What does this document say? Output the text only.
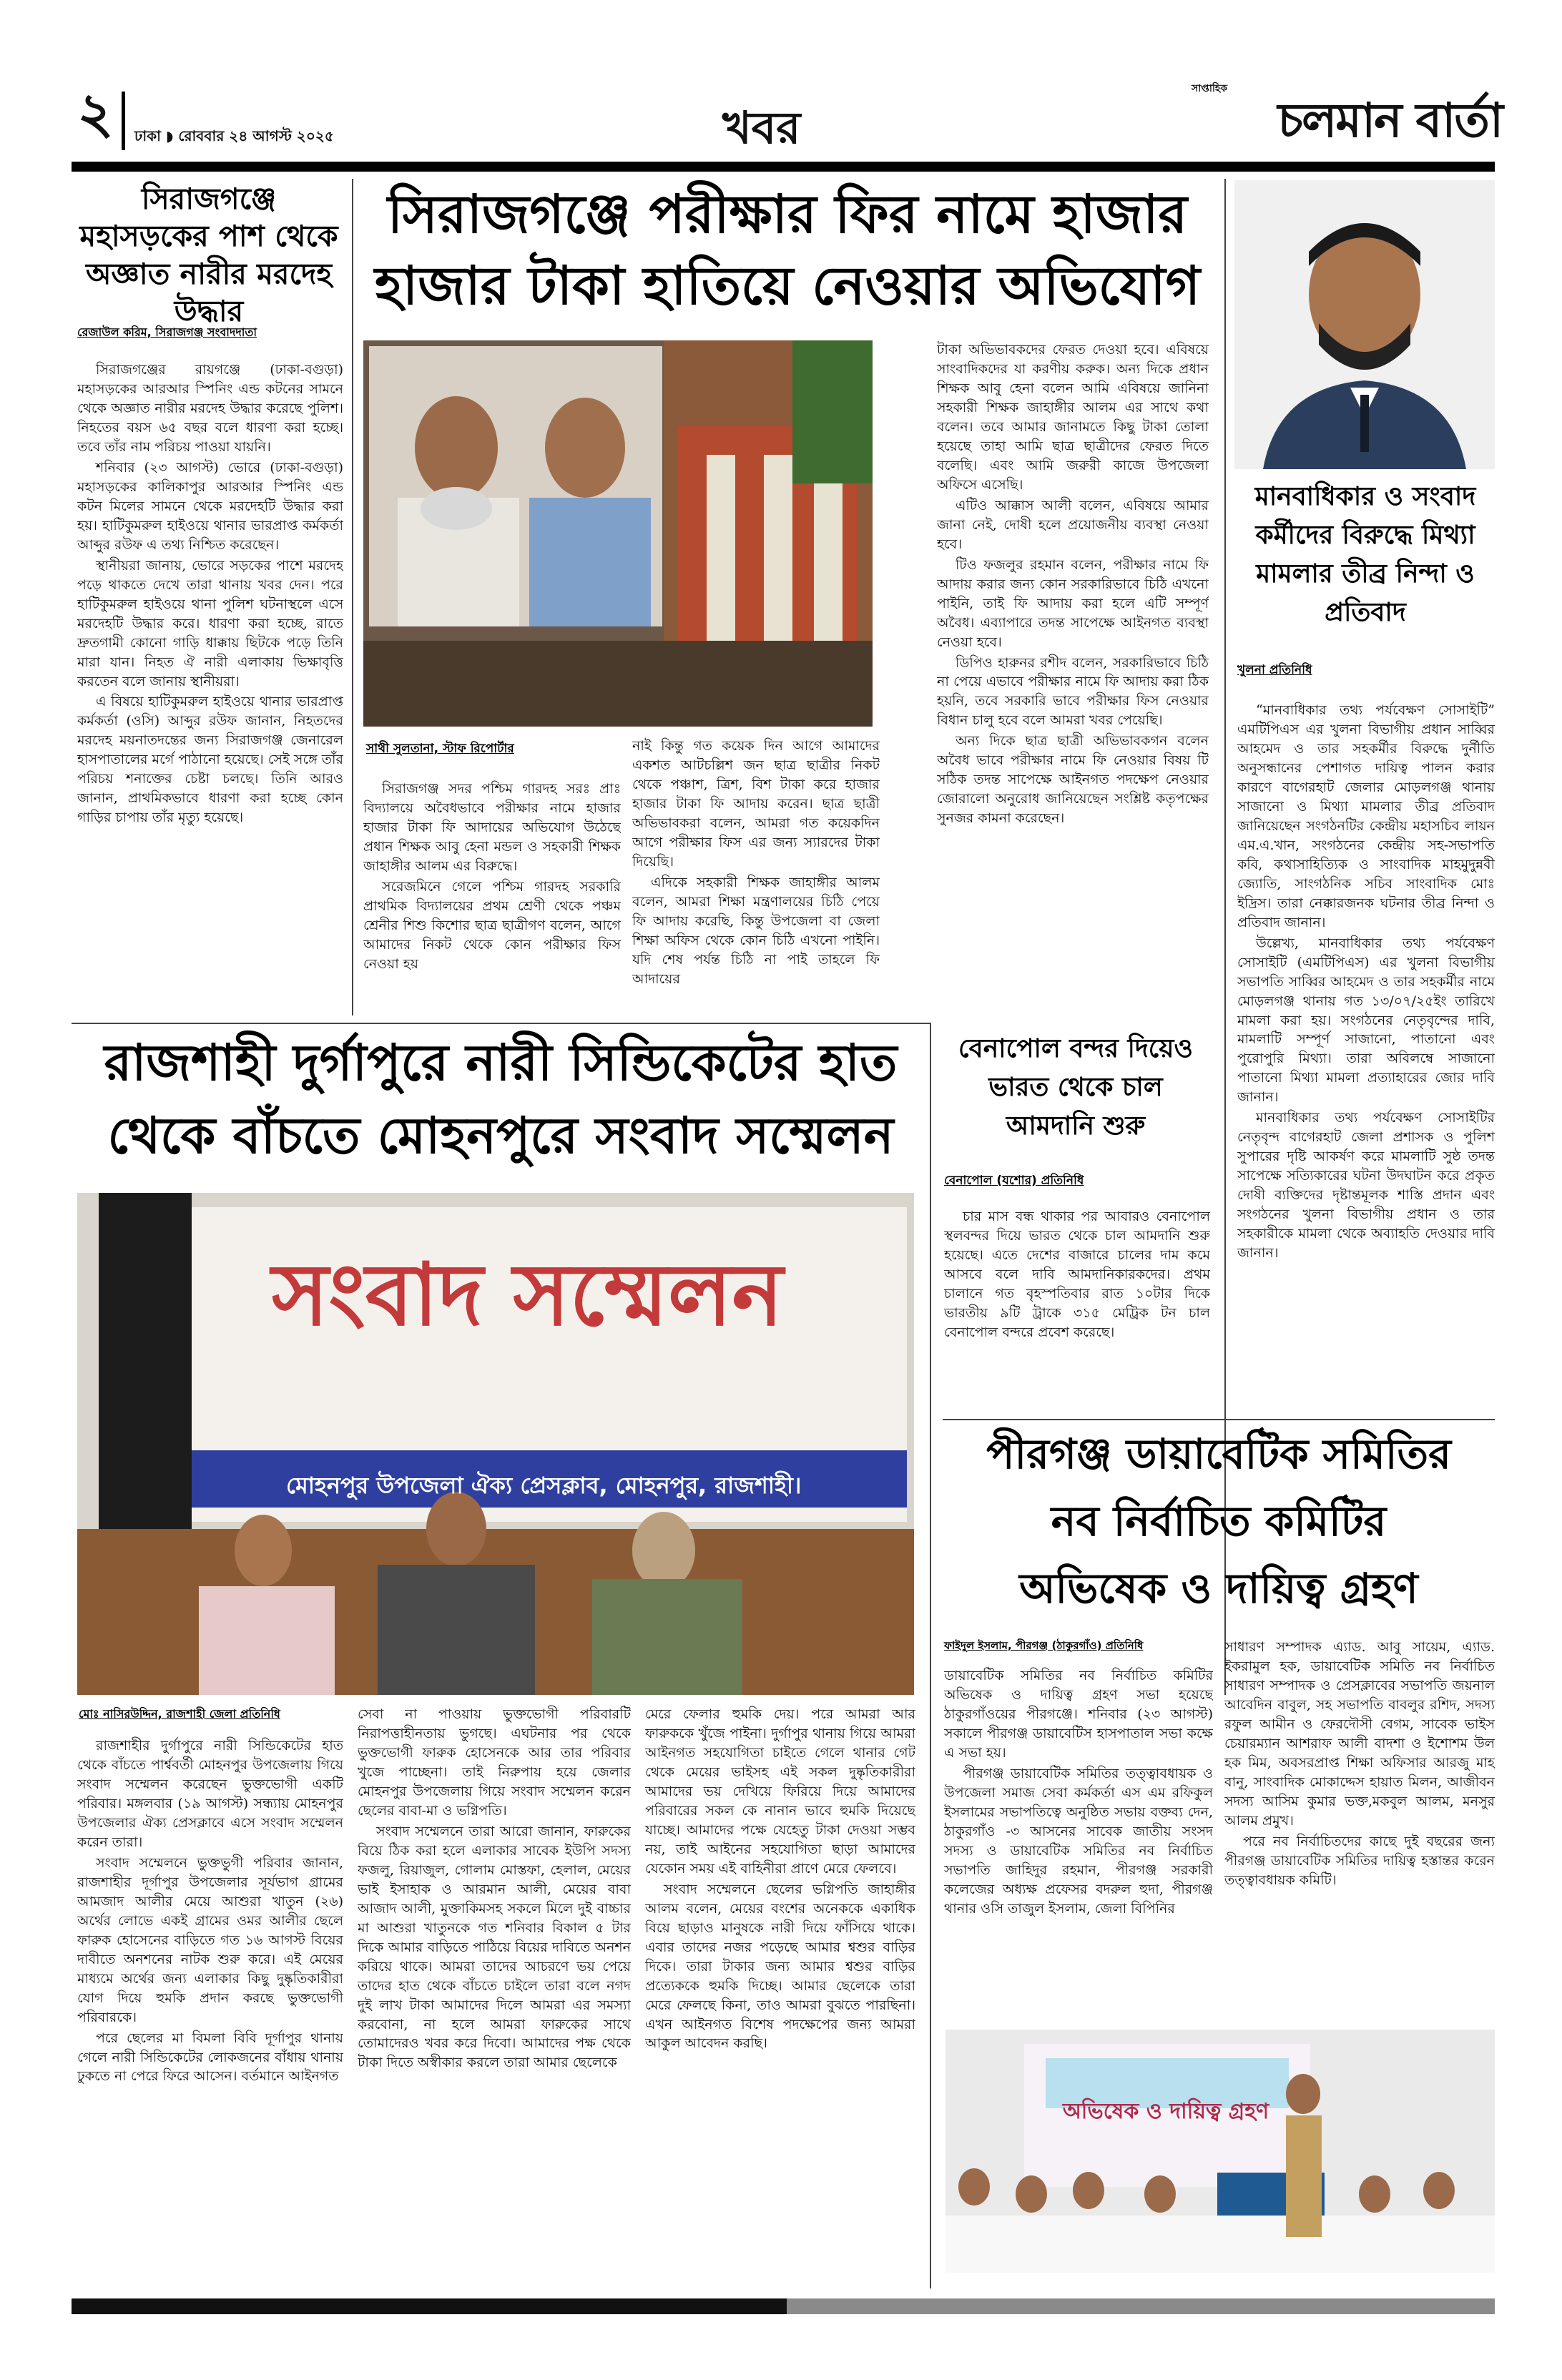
২ ঢাকা ◗ রোববার ২৪ আগস্ট ২০২৫	খবর
সাপ্তাহিক
চলমান বার্তা
সিরাজগঞ্জে মহাসড়কের পাশ থেকে অজ্ঞাত নারীর মরদেহ উদ্ধার
রেজাউল করিম, সিরাজগঞ্জ সংবাদদাতা

সিরাজগঞ্জের রায়গঞ্জে (ঢাকা-বগুড়া) মহাসড়কের আরআর স্পিনিং এন্ড কটনের সামনে থেকে অজ্ঞাত নারীর মরদেহ উদ্ধার করেছে পুলিশ। নিহতের বয়স ৬৫ বছর বলে ধারণা করা হচ্ছে। তবে তাঁর নাম পরিচয় পাওয়া যায়নি।

শনিবার (২৩ আগস্ট) ভোরে (ঢাকা-বগুড়া) মহাসড়কের কালিকাপুর আরআর স্পিনিং এন্ড কটন মিলের সামনে থেকে মরদেহটি উদ্ধার করা হয়। হাটিকুমরুল হাইওয়ে থানার ভারপ্রাপ্ত কর্মকর্তা আব্দুর রউফ এ তথ্য নিশ্চিত করেছেন।

স্থানীয়রা জানায়, ভোরে সড়কের পাশে মরদেহ পড়ে থাকতে দেখে তারা থানায় খবর দেন। পরে হাটিকুমরুল হাইওয়ে থানা পুলিশ ঘটনাস্থলে এসে মরদেহটি উদ্ধার করে। ধারণা করা হচ্ছে, রাতে দ্রুতগামী কোনো গাড়ি ধাক্কায় ছিটকে পড়ে তিনি মারা যান। নিহত ঐ নারী এলাকায় ভিক্ষাবৃত্তি করতেন বলে জানায় স্থানীয়রা।

এ বিষয়ে হাটিকুমরুল হাইওয়ে থানার ভারপ্রাপ্ত কর্মকর্তা (ওসি) আব্দুর রউফ জানান, নিহতদের মরদেহ ময়নাতদন্তের জন্য সিরাজগঞ্জ জেনারেল হাসপাতালের মর্গে পাঠানো হয়েছে। সেই সঙ্গে তাঁর পরিচয় শনাক্তের চেষ্টা চলছে। তিনি আরও জানান, প্রাথমিকভাবে ধারণা করা হচ্ছে কোন গাড়ির চাপায় তাঁর মৃত্যু হয়েছে।

সিরাজগঞ্জে পরীক্ষার ফির নামে হাজার
হাজার টাকা হাতিয়ে নেওয়ার অভিযোগ
সাথী সুলতানা, স্টাফ রিপোর্টার

সিরাজগঞ্জ সদর পশ্চিম গারদহ সরঃ প্রাঃ বিদ্যালয়ে অবৈধভাবে পরীক্ষার নামে হাজার হাজার টাকা ফি আদায়ের অভিযোগ উঠেছে প্রধান শিক্ষক আবু হেনা মন্ডল ও সহকারী শিক্ষক জাহাঙ্গীর আলম এর বিরুদ্ধে।

সরেজমিনে গেলে পশ্চিম গারদহ সরকারি প্রাথমিক বিদ্যালয়ের প্রথম শ্রেণী থেকে পঞ্চম শ্রেনীর শিশু কিশোর ছাত্র ছাত্রীগণ বলেন, আগে আমাদের নিকট থেকে কোন পরীক্ষার ফিস নেওয়া হয়

নাই কিন্তু গত কয়েক দিন আগে আমাদের একশত আটচল্লিশ জন ছাত্র ছাত্রীর নিকট থেকে পঞ্চাশ, ত্রিশ, বিশ টাকা করে হাজার হাজার টাকা ফি আদায় করেন। ছাত্র ছাত্রী অভিভাবকরা বলেন, আমরা গত কয়েকদিন আগে পরীক্ষার ফিস এর জন্য স্যারদের টাকা দিয়েছি।

এদিকে সহকারী শিক্ষক জাহাঙ্গীর আলম বলেন, আমরা শিক্ষা মন্ত্রণালয়ের চিঠি পেয়ে ফি আদায় করেছি, কিন্তু উপজেলা বা জেলা শিক্ষা অফিস থেকে কোন চিঠি এখনো পাইনি। যদি শেষ পর্যন্ত চিঠি না পাই তাহলে ফি আদায়ের

টাকা অভিভাবকদের ফেরত দেওয়া হবে। এবিষয়ে সাংবাদিকদের যা করণীয় করুক। অন্য দিকে প্রধান শিক্ষক আবু হেনা বলেন আমি এবিষয়ে জানিনা সহকারী শিক্ষক জাহাঙ্গীর আলম এর সাথে কথা বলেন। তবে আমার জানামতে কিছু টাকা তোলা হয়েছে তাহা আমি ছাত্র ছাত্রীদের ফেরত দিতে বলেছি। এবং আমি জরুরী কাজে উপজেলা অফিসে এসেছি।

এটিও আক্কাস আলী বলেন, এবিষয়ে আমার জানা নেই, দোষী হলে প্রয়োজনীয় ব্যবস্থা নেওয়া হবে।

টিও ফজলুর রহমান বলেন, পরীক্ষার নামে ফি আদায় করার জন্য কোন সরকারিভাবে চিঠি এখনো পাইনি, তাই ফি আদায় করা হলে এটি সম্পূর্ণ অবৈধ। এব্যাপারে তদন্ত সাপেক্ষে আইনগত ব্যবস্থা নেওয়া হবে।

ডিপিও হারুনর রশীদ বলেন, সরকারিভাবে চিঠি না পেয়ে এভাবে পরীক্ষার নামে ফি আদায় করা ঠিক হয়নি, তবে সরকারি ভাবে পরীক্ষার ফিস নেওয়ার বিধান চালু হবে বলে আমরা খবর পেয়েছি।

অন্য দিকে ছাত্র ছাত্রী অভিভাবকগন বলেন অবৈধ ভাবে পরীক্ষার নামে ফি নেওয়ার বিষয় টি সঠিক তদন্ত সাপেক্ষে আইনগত পদক্ষেপ নেওয়ার জোরালো অনুরোধ জানিয়েছেন সংশ্লিষ্ট কতৃপক্ষের সুনজর কামনা করেছেন।

মানবাধিকার ও সংবাদ কর্মীদের বিরুদ্ধে মিথ্যা মামলার তীব্র নিন্দা ও প্রতিবাদ
খুলনা প্রতিনিধি

“মানবাধিকার তথ্য পর্যবেক্ষণ সোসাইটি” এমটিপিএস এর খুলনা বিভাগীয় প্রধান সাব্বির আহমেদ ও তার সহকর্মীর বিরুদ্ধে দুর্নীতি অনুসন্ধানের পেশাগত দায়িত্ব পালন করার কারণে বাগেরহাট জেলার মোড়লগঞ্জ থানায় সাজানো ও মিথ্যা মামলার তীব্র প্রতিবাদ জানিয়েছেন সংগঠনটির কেন্দ্রীয় মহাসচিব লায়ন এম.এ.খান, সংগঠনের কেন্দ্রীয় সহ-সভাপতি কবি, কথাসাহিত্যিক ও সাংবাদিক মাহমুদুন্নবী জ্যোতি, সাংগঠনিক সচিব সাংবাদিক মোঃ ইদ্রিস। তারা নেক্কারজনক ঘটনার তীব্র নিন্দা ও প্রতিবাদ জানান।

উল্লেখ্য, মানবাধিকার তথ্য পর্যবেক্ষণ সোসাইটি (এমটিপিএস) এর খুলনা বিভাগীয় সভাপতি সাব্বির আহমেদ ও তার সহকর্মীর নামে মোড়লগঞ্জ থানায় গত ১৩/০৭/২৫ইং তারিখে মামলা করা হয়। সংগঠনের নেতৃবৃন্দের দাবি, মামলাটি সম্পূর্ণ সাজানো, পাতানো এবং পুরোপুরি মিথ্যা। তারা অবিলম্বে সাজানো পাতানো মিথ্যা মামলা প্রত্যাহারের জোর দাবি জানান।

মানবাধিকার তথ্য পর্যবেক্ষণ সোসাইটির নেতৃবৃন্দ বাগেরহাট জেলা প্রশাসক ও পুলিশ সুপারের দৃষ্টি আকর্ষণ করে মামলাটি সুষ্ঠ তদন্ত সাপেক্ষে সত্যিকারের ঘটনা উদঘাটন করে প্রকৃত দোষী ব্যক্তিদের দৃষ্টান্তমূলক শাস্তি প্রদান এবং সংগঠনের খুলনা বিভাগীয় প্রধান ও তার সহকারীকে মামলা থেকে অব্যাহতি দেওয়ার দাবি জানান।

রাজশাহী দুর্গাপুরে নারী সিন্ডিকেটের হাত
থেকে বাঁচতে মোহনপুরে সংবাদ সম্মেলন
সংবাদ সম্মেলন
মোহনপুর উপজেলা ঐক্য প্রেসক্লাব, মোহনপুর, রাজশাহী।
মোঃ নাসিরউদ্দিন, রাজশাহী জেলা প্রতিনিধি

রাজশাহীর দুর্গাপুরে নারী সিন্ডিকেটের হাত থেকে বাঁচতে পার্শ্ববর্তী মোহনপুর উপজেলায় গিয়ে সংবাদ সম্মেলন করেছেন ভুক্তভোগী একটি পরিবার। মঙ্গলবার (১৯ আগস্ট) সন্ধ্যায় মোহনপুর উপজেলার ঐক্য প্রেসক্লাবে এসে সংবাদ সম্মেলন করেন তারা।

সংবাদ সম্মেলনে ভুক্তভুগী পরিবার জানান, রাজশাহীর দূর্গাপুর উপজেলার সূর্যভাগ গ্রামের আমজাদ আলীর মেয়ে আশুরা খাতুন (২৬) অর্থের লোভে একই গ্রামের ওমর আলীর ছেলে ফারুক হোসেনের বাড়িতে গত ১৬ আগস্ট বিয়ের দাবীতে অনশনের নাটক শুরু করে। এই মেয়ের মাধ্যমে অর্থের জন্য এলাকার কিছু দুষ্কৃতিকারীরা যোগ দিয়ে হুমকি প্রদান করছে ভুক্তভোগী পরিবারকে।

পরে ছেলের মা বিমলা বিবি দূর্গাপুর থানায় গেলে নারী সিন্ডিকেটের লোকজনের বাঁধায় থানায় ঢুকতে না পেরে ফিরে আসেন। বর্তমানে আইনগত

সেবা না পাওয়ায় ভুক্তভোগী পরিবারটি নিরাপত্তাহীনতায় ভুগছে। এঘটনার পর থেকে ভুক্তভোগী ফারুক হোসেনকে আর তার পরিবার খুজে পাচ্ছেনা। তাই নিরুপায় হয়ে জেলার মোহনপুর উপজেলায় গিয়ে সংবাদ সম্মেলন করেন ছেলের বাবা-মা ও ভগ্নিপতি।

সংবাদ সম্মেলনে তারা আরো জানান, ফারুকের বিয়ে ঠিক করা হলে এলাকার সাবেক ইউপি সদস্য ফজলু, রিয়াজুল, গোলাম মোস্তফা, হেলাল, মেয়ের ভাই ইসাহাক ও আরমান আলী, মেয়ের বাবা আজাদ আলী, মুক্তাকিমসহ সকলে মিলে দুই বাচ্চার মা আশুরা খাতুনকে গত শনিবার বিকাল ৫ টার দিকে আমার বাড়িতে পাঠিয়ে বিয়ের দাবিতে অনশন করিয়ে থাকে। আমরা তাদের আচরণে ভয় পেয়ে তাদের হাত থেকে বাঁচতে চাইলে তারা বলে নগদ দুই লাখ টাকা আমাদের দিলে আমরা এর সমস্যা করবোনা, না হলে আমরা ফারুকের সাথে তোমাদেরও খবর করে দিবো। আমাদের পক্ষ থেকে টাকা দিতে অস্বীকার করলে তারা আমার ছেলেকে

মেরে ফেলার হুমকি দেয়। পরে আমরা আর ফারুককে খুঁজে পাইনা। দুর্গাপুর থানায় গিয়ে আমরা আইনগত সহযোগিতা চাইতে গেলে থানার গেট থেকে মেয়ের ভাইসহ এই সকল দুষ্কৃতিকারীরা আমাদের ভয় দেখিয়ে ফিরিয়ে দিয়ে আমাদের পরিবারের সকল কে নানান ভাবে হুমকি দিয়েছে যাচ্ছে। আমাদের পক্ষে যেহেতু টাকা দেওয়া সম্ভব নয়, তাই আইনের সহযোগিতা ছাড়া আমাদের যেকোন সময় এই বাহিনীরা প্রাণে মেরে ফেলবে।

সংবাদ সম্মেলনে ছেলের ভগ্নিপতি জাহাঙ্গীর আলম বলেন, মেয়ের বংশের অনেককে একাধিক বিয়ে ছাড়াও মানুষকে নারী দিয়ে ফাঁসিয়ে থাকে। এবার তাদের নজর পড়েছে আমার শ্বশুর বাড়ির দিকে। তারা টাকার জন্য আমার শ্বশুর বাড়ির প্রত্যেককে হুমকি দিচ্ছে। আমার ছেলেকে তারা মেরে ফেলছে কিনা, তাও আমরা বুঝতে পারছিনা। এখন আইনগত বিশেষ পদক্ষেপের জন্য আমরা আকুল আবেদন করছি।

বেনাপোল বন্দর দিয়েও ভারত থেকে চাল আমদানি শুরু
বেনাপোল (যশোর) প্রতিনিধি

চার মাস বন্ধ থাকার পর আবারও বেনাপোল স্থলবন্দর দিয়ে ভারত থেকে চাল আমদানি শুরু হয়েছে। এতে দেশের বাজারে চালের দাম কমে আসবে বলে দাবি আমদানিকারকদের। প্রথম চালানে গত বৃহস্পতিবার রাত ১০টার দিকে ভারতীয় ৯টি ট্রাকে ৩১৫ মেট্রিক টন চাল বেনাপোল বন্দরে প্রবেশ করেছে।

পীরগঞ্জ ডায়াবেটিক সমিতির
নব নির্বাচিত কমিটির
অভিষেক ও দায়িত্ব গ্রহণ
ফাইদুল ইসলাম, পীরগঞ্জ (ঠাকুরগাঁও) প্রতিনিধি

ডায়াবেটিক সমিতির নব নির্বাচিত কমিটির অভিষেক ও দায়িত্ব গ্রহণ সভা হয়েছে ঠাকুরগাঁওয়ের পীরগঞ্জে। শনিবার (২৩ আগস্ট) সকালে পীরগঞ্জ ডায়াবেটিস হাসপাতাল সভা কক্ষে এ সভা হয়।

পীরগঞ্জ ডায়াবেটিক সমিতির তত্ত্বাবধায়ক ও উপজেলা সমাজ সেবা কর্মকর্তা এস এম রফিকুল ইসলামের সভাপতিত্বে অনুষ্ঠিত সভায় বক্তব্য দেন, ঠাকুরগাঁও -৩ আসনের সাবেক জাতীয় সংসদ সদস্য ও ডায়াবেটিক সমিতির নব নির্বাচিত সভাপতি জাহিদুর রহমান, পীরগঞ্জ সরকারী কলেজের অধ্যক্ষ প্রফেসর বদরুল হুদা, পীরগঞ্জ থানার ওসি তাজুল ইসলাম, জেলা বিপিনির

সাধারণ সম্পাদক এ্যাড. আবু সায়েম, এ্যাড. ইকরামুল হক, ডায়াবেটিক সমিতি নব নির্বাচিত সাধারণ সম্পাদক ও প্রেসক্লাবের সভাপতি জয়নাল আবেদিন বাবুল, সহ সভাপতি বাবলুর রশিদ, সদস্য রফুল আমীন ও ফেরদৌসী বেগম, সাবেক ভাইস চেয়ারম্যান আশরাফ আলী বাদশা ও ইশোশম উল হক মিম, অবসরপ্রাপ্ত শিক্ষা অফিসার আরজু মাহ বানু, সাংবাদিক মোকাদ্দেস হায়াত মিলন, আজীবন সদস্য আসিম কুমার ভক্ত,মকবুল আলম, মনসুর আলম প্রমুখ।

পরে নব নির্বাচিতদের কাছে দুই বছরের জন্য পীরগঞ্জ ডায়াবেটিক সমিতির দায়িত্ব হস্তান্তর করেন তত্ত্বাবধায়ক কমিটি।

অভিষেক ও দায়িত্ব গ্রহণ
